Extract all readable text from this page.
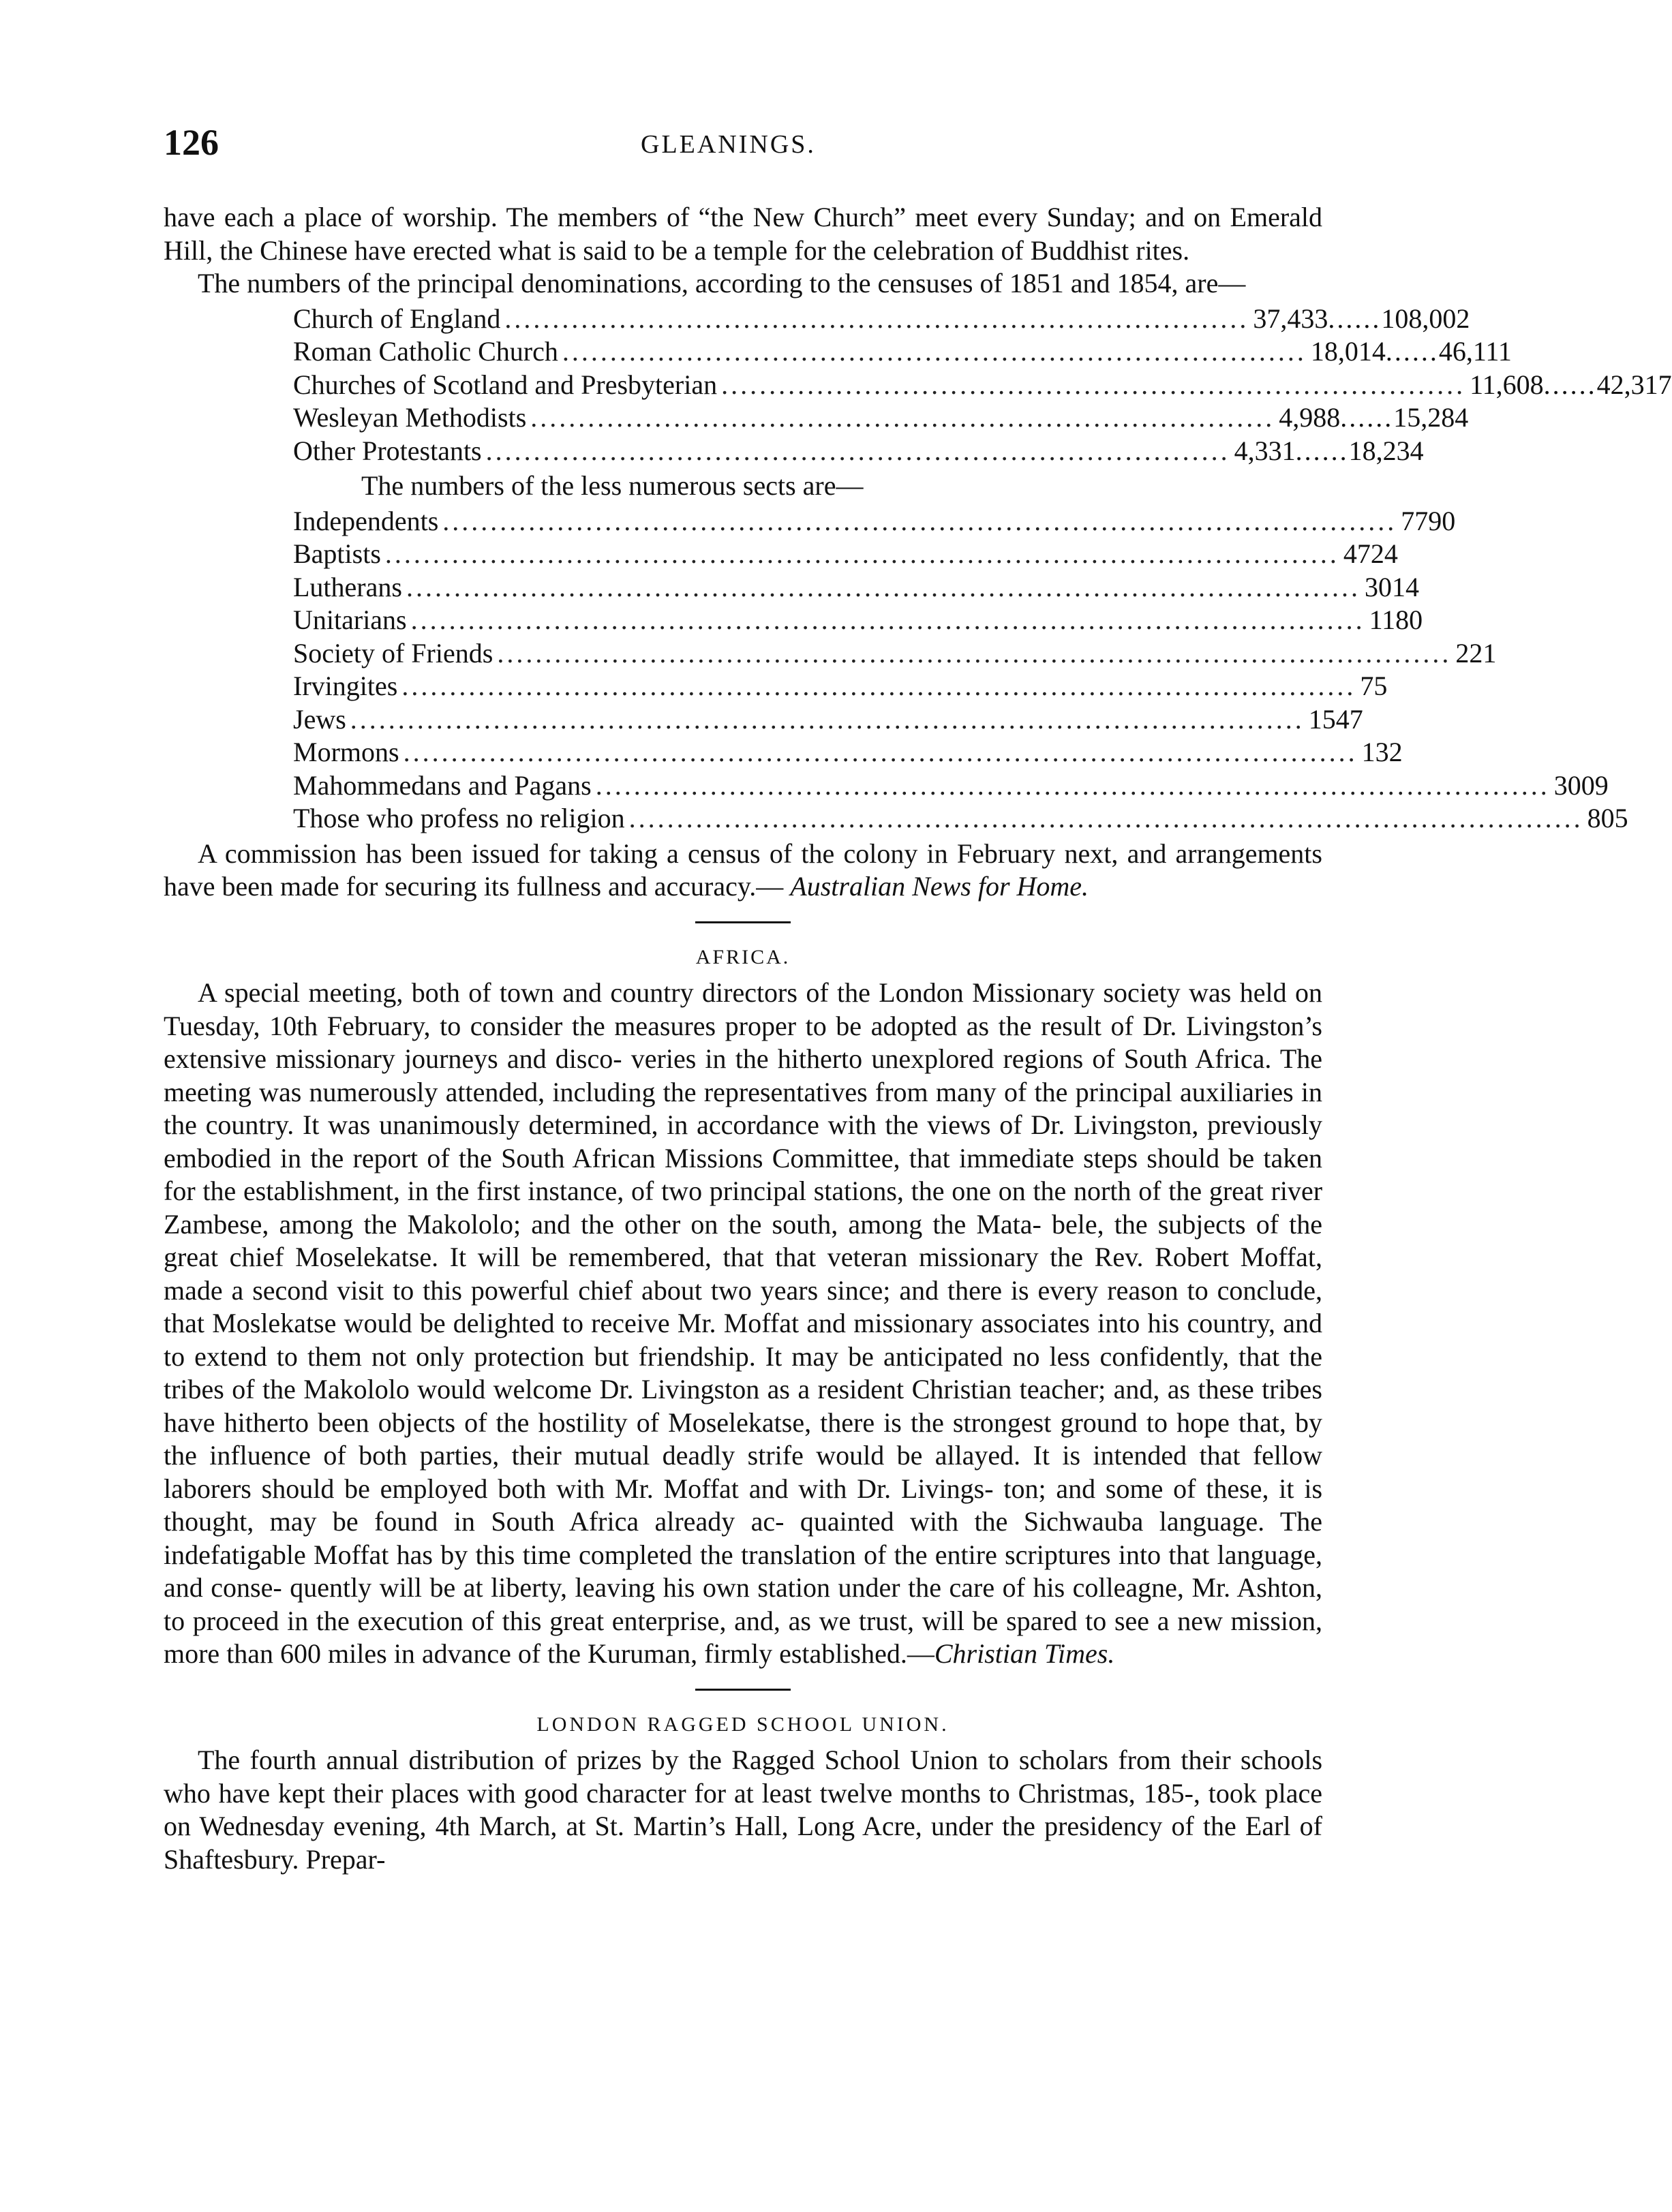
126	GLEANINGS.

have each a place of worship. The members of “the New Church” meet every Sunday; and on Emerald Hill, the Chinese have erected what is said to be a temple for the celebration of Buddhist rites.

The numbers of the principal denominations, according to the censuses of 1851 and 1854, are—

Church of England .............................................................................. 37,433 ...... 108,002
Roman Catholic Church .............................................................................. 18,014 ...... 46,111
Churches of Scotland and Presbyterian .............................................................................. 11,608 ...... 42,317
Wesleyan Methodists .............................................................................. 4,988 ...... 15,284
Other Protestants .............................................................................. 4,331 ...... 18,234

The numbers of the less numerous sects are—

Independents .................................................................................................... 7790
Baptists .................................................................................................... 4724
Lutherans .................................................................................................... 3014
Unitarians .................................................................................................... 1180
Society of Friends .................................................................................................... 221
Irvingites .................................................................................................... 75
Jews .................................................................................................... 1547
Mormons .................................................................................................... 132
Mahommedans and Pagans .................................................................................................... 3009
Those who profess no religion .................................................................................................... 805

A commission has been issued for taking a census of the colony in February next, and arrangements have been made for securing its fullness and accuracy.— Australian News for Home.

AFRICA.

A special meeting, both of town and country directors of the London Missionary society was held on Tuesday, 10th February, to consider the measures proper to be adopted as the result of Dr. Livingston’s extensive missionary journeys and disco- veries in the hitherto unexplored regions of South Africa. The meeting was numerously attended, including the representatives from many of the principal auxiliaries in the country. It was unanimously determined, in accordance with the views of Dr. Livingston, previously embodied in the report of the South African Missions Committee, that immediate steps should be taken for the establishment, in the first instance, of two principal stations, the one on the north of the great river Zambese, among the Makololo; and the other on the south, among the Mata- bele, the subjects of the great chief Moselekatse. It will be remembered, that that veteran missionary the Rev. Robert Moffat, made a second visit to this powerful chief about two years since; and there is every reason to conclude, that Moslekatse would be delighted to receive Mr. Moffat and missionary associates into his country, and to extend to them not only protection but friendship. It may be anticipated no less confidently, that the tribes of the Makololo would welcome Dr. Livingston as a resident Christian teacher; and, as these tribes have hitherto been objects of the hostility of Moselekatse, there is the strongest ground to hope that, by the influence of both parties, their mutual deadly strife would be allayed. It is intended that fellow laborers should be employed both with Mr. Moffat and with Dr. Livings- ton; and some of these, it is thought, may be found in South Africa already ac- quainted with the Sichwauba language. The indefatigable Moffat has by this time completed the translation of the entire scriptures into that language, and conse- quently will be at liberty, leaving his own station under the care of his colleagne, Mr. Ashton, to proceed in the execution of this great enterprise, and, as we trust, will be spared to see a new mission, more than 600 miles in advance of the Kuruman, firmly established.—Christian Times.

LONDON RAGGED SCHOOL UNION.

The fourth annual distribution of prizes by the Ragged School Union to scholars from their schools who have kept their places with good character for at least twelve months to Christmas, 185-, took place on Wednesday evening, 4th March, at St. Martin’s Hall, Long Acre, under the presidency of the Earl of Shaftesbury. Prepar-
